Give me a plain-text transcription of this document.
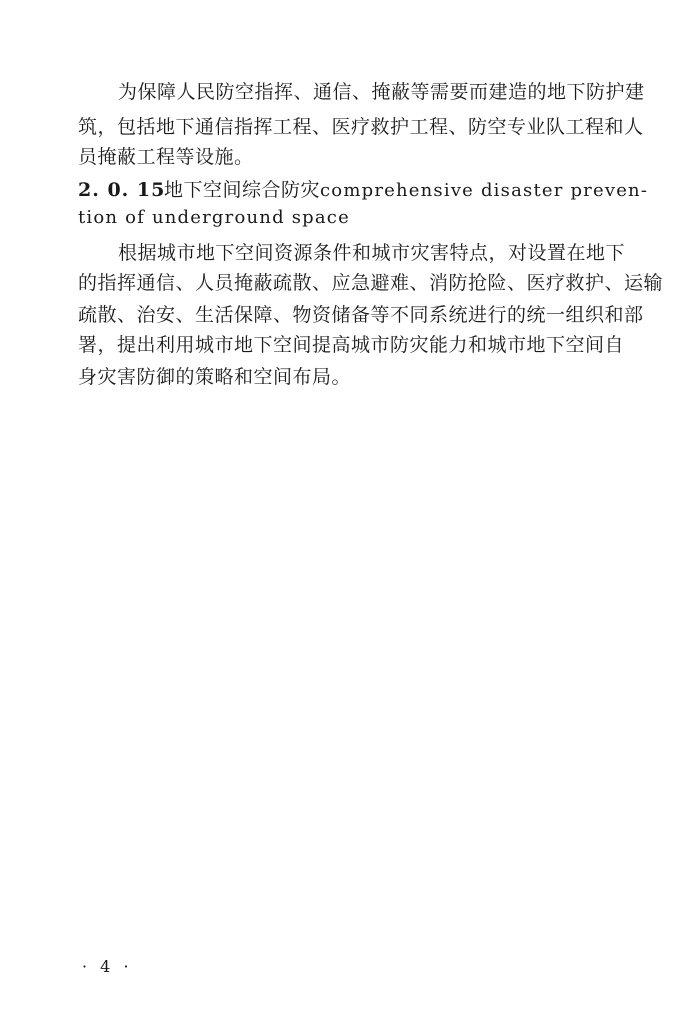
为保障人民防空指挥、通信、掩蔽等需要而建造的地下防护建
筑，包括地下通信指挥工程、医疗救护工程、防空专业队工程和人
员掩蔽工程等设施。
2. 0. 15
地下空间综合防灾 comprehensive disaster preven-
tion of underground space
根据城市地下空间资源条件和城市灾害特点，对设置在地下
的指挥通信、人员掩蔽疏散、应急避难、消防抢险、医疗救护、运输
疏散、治安、生活保障、物资储备等不同系统进行的统一组织和部
署，提出利用城市地下空间提高城市防灾能力和城市地下空间自
身灾害防御的策略和空间布局。
· 4 ·
